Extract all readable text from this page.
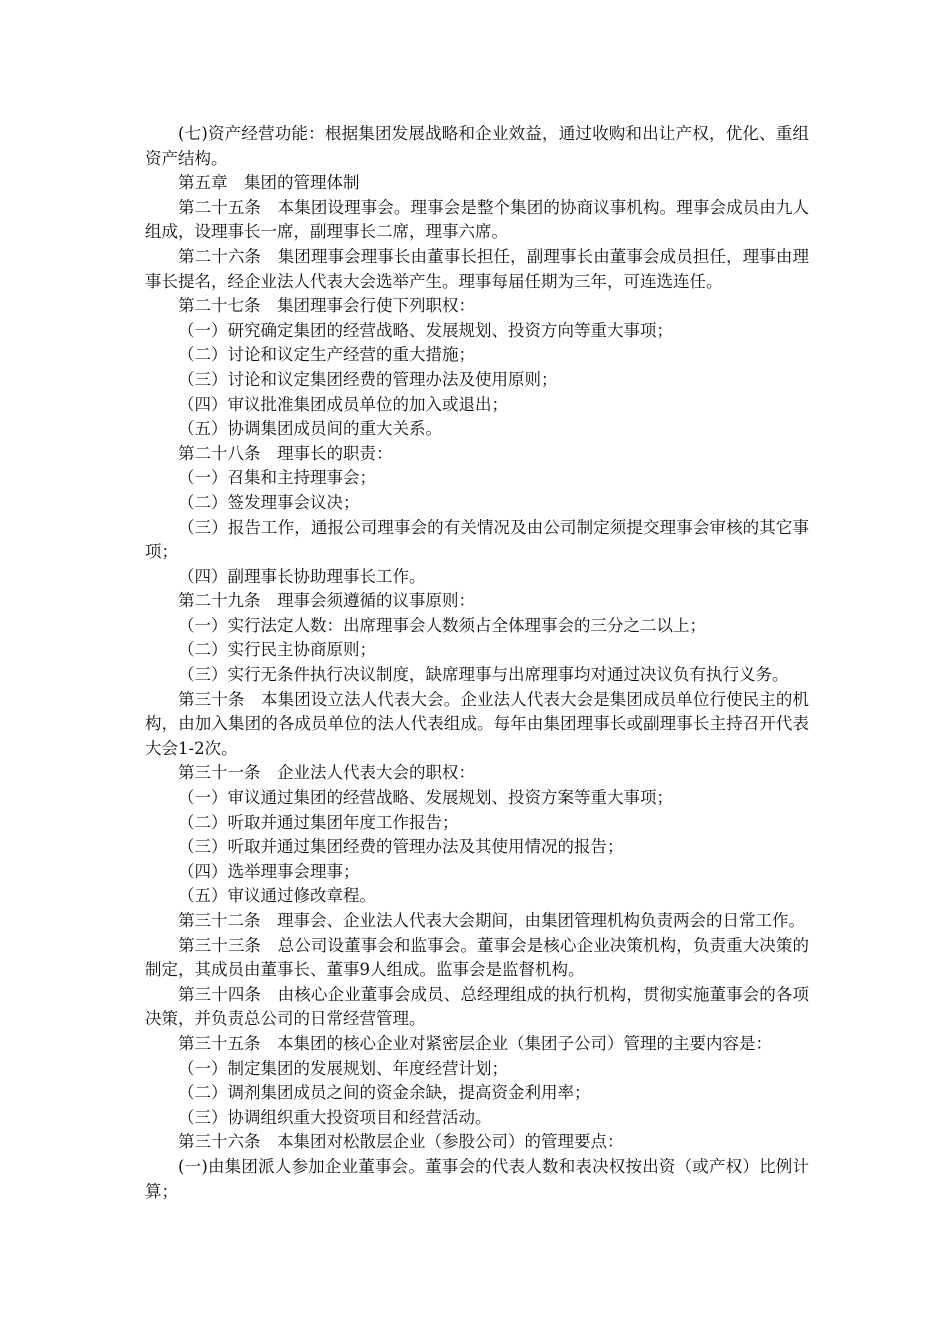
(七)资产经营功能：根据集团发展战略和企业效益，通过收购和出让产权，优化、重组资产结构。

第五章　集团的管理体制

第二十五条　本集团设理事会。理事会是整个集团的协商议事机构。理事会成员由九人组成，设理事长一席，副理事长二席，理事六席。

第二十六条　集团理事会理事长由董事长担任，副理事长由董事会成员担任，理事由理事长提名，经企业法人代表大会选举产生。理事每届任期为三年，可连选连任。

第二十七条　集团理事会行使下列职权：

（一）研究确定集团的经营战略、发展规划、投资方向等重大事项；

（二）讨论和议定生产经营的重大措施；

（三）讨论和议定集团经费的管理办法及使用原则；

（四）审议批准集团成员单位的加入或退出；

（五）协调集团成员间的重大关系。

第二十八条　理事长的职责：

（一）召集和主持理事会；

（二）签发理事会议决；

（三）报告工作，通报公司理事会的有关情况及由公司制定须提交理事会审核的其它事项；

（四）副理事长协助理事长工作。

第二十九条　理事会须遵循的议事原则：

（一）实行法定人数：出席理事会人数须占全体理事会的三分之二以上；

（二）实行民主协商原则；

（三）实行无条件执行决议制度，缺席理事与出席理事均对通过决议负有执行义务。

第三十条　本集团设立法人代表大会。企业法人代表大会是集团成员单位行使民主的机构，由加入集团的各成员单位的法人代表组成。每年由集团理事长或副理事长主持召开代表大会1-2次。

第三十一条　企业法人代表大会的职权：

（一）审议通过集团的经营战略、发展规划、投资方案等重大事项；

（二）听取并通过集团年度工作报告；

（三）听取并通过集团经费的管理办法及其使用情况的报告；

（四）选举理事会理事；

（五）审议通过修改章程。

第三十二条　理事会、企业法人代表大会期间，由集团管理机构负责两会的日常工作。

第三十三条　总公司设董事会和监事会。董事会是核心企业决策机构，负责重大决策的制定，其成员由董事长、董事9人组成。监事会是监督机构。

第三十四条　由核心企业董事会成员、总经理组成的执行机构，贯彻实施董事会的各项决策，并负责总公司的日常经营管理。

第三十五条　本集团的核心企业对紧密层企业（集团子公司）管理的主要内容是：

（一）制定集团的发展规划、年度经营计划；

（二）调剂集团成员之间的资金余缺，提高资金利用率；

（三）协调组织重大投资项目和经营活动。

第三十六条　本集团对松散层企业（参股公司）的管理要点：

(一)由集团派人参加企业董事会。董事会的代表人数和表决权按出资（或产权）比例计算；
